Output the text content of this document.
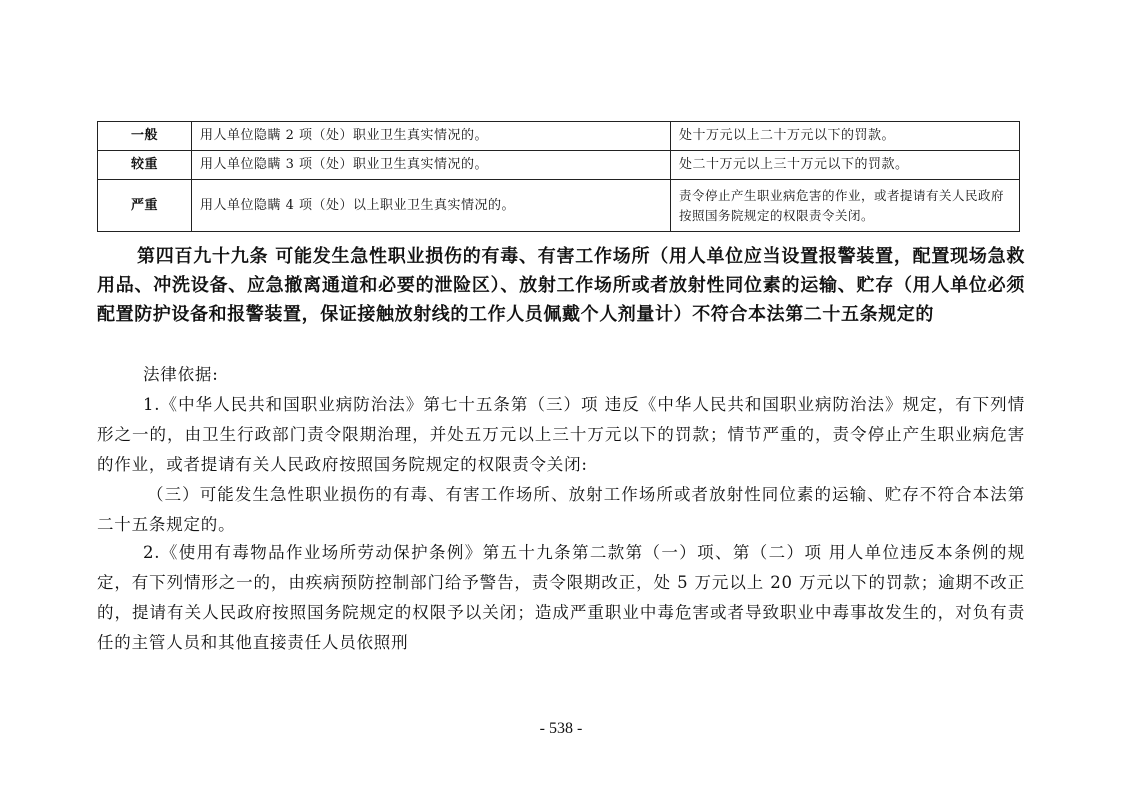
一般	用人单位隐瞒 2 项（处）职业卫生真实情况的。	处十万元以上二十万元以下的罚款。
较重	用人单位隐瞒 3 项（处）职业卫生真实情况的。	处二十万元以上三十万元以下的罚款。
严重	用人单位隐瞒 4 项（处）以上职业卫生真实情况的。	责令停止产生职业病危害的作业，或者提请有关人民政府按照国务院规定的权限责令关闭。

第四百九十九条 可能发生急性职业损伤的有毒、有害工作场所（用人单位应当设置报警装置，配置现场急救用品、冲洗设备、应急撤离通道和必要的泄险区）、放射工作场所或者放射性同位素的运输、贮存（用人单位必须配置防护设备和报警装置，保证接触放射线的工作人员佩戴个人剂量计）不符合本法第二十五条规定的

法律依据:

1.《中华人民共和国职业病防治法》第七十五条第（三）项 违反《中华人民共和国职业病防治法》规定，有下列情形之一的，由卫生行政部门责令限期治理，并处五万元以上三十万元以下的罚款；情节严重的，责令停止产生职业病危害的作业，或者提请有关人民政府按照国务院规定的权限责令关闭:

（三）可能发生急性职业损伤的有毒、有害工作场所、放射工作场所或者放射性同位素的运输、贮存不符合本法第二十五条规定的。

2.《使用有毒物品作业场所劳动保护条例》第五十九条第二款第（一）项、第（二）项 用人单位违反本条例的规定，有下列情形之一的，由疾病预防控制部门给予警告，责令限期改正，处 5 万元以上 20 万元以下的罚款；逾期不改正的，提请有关人民政府按照国务院规定的权限予以关闭；造成严重职业中毒危害或者导致职业中毒事故发生的，对负有责任的主管人员和其他直接责任人员依照刑

- 538 -
